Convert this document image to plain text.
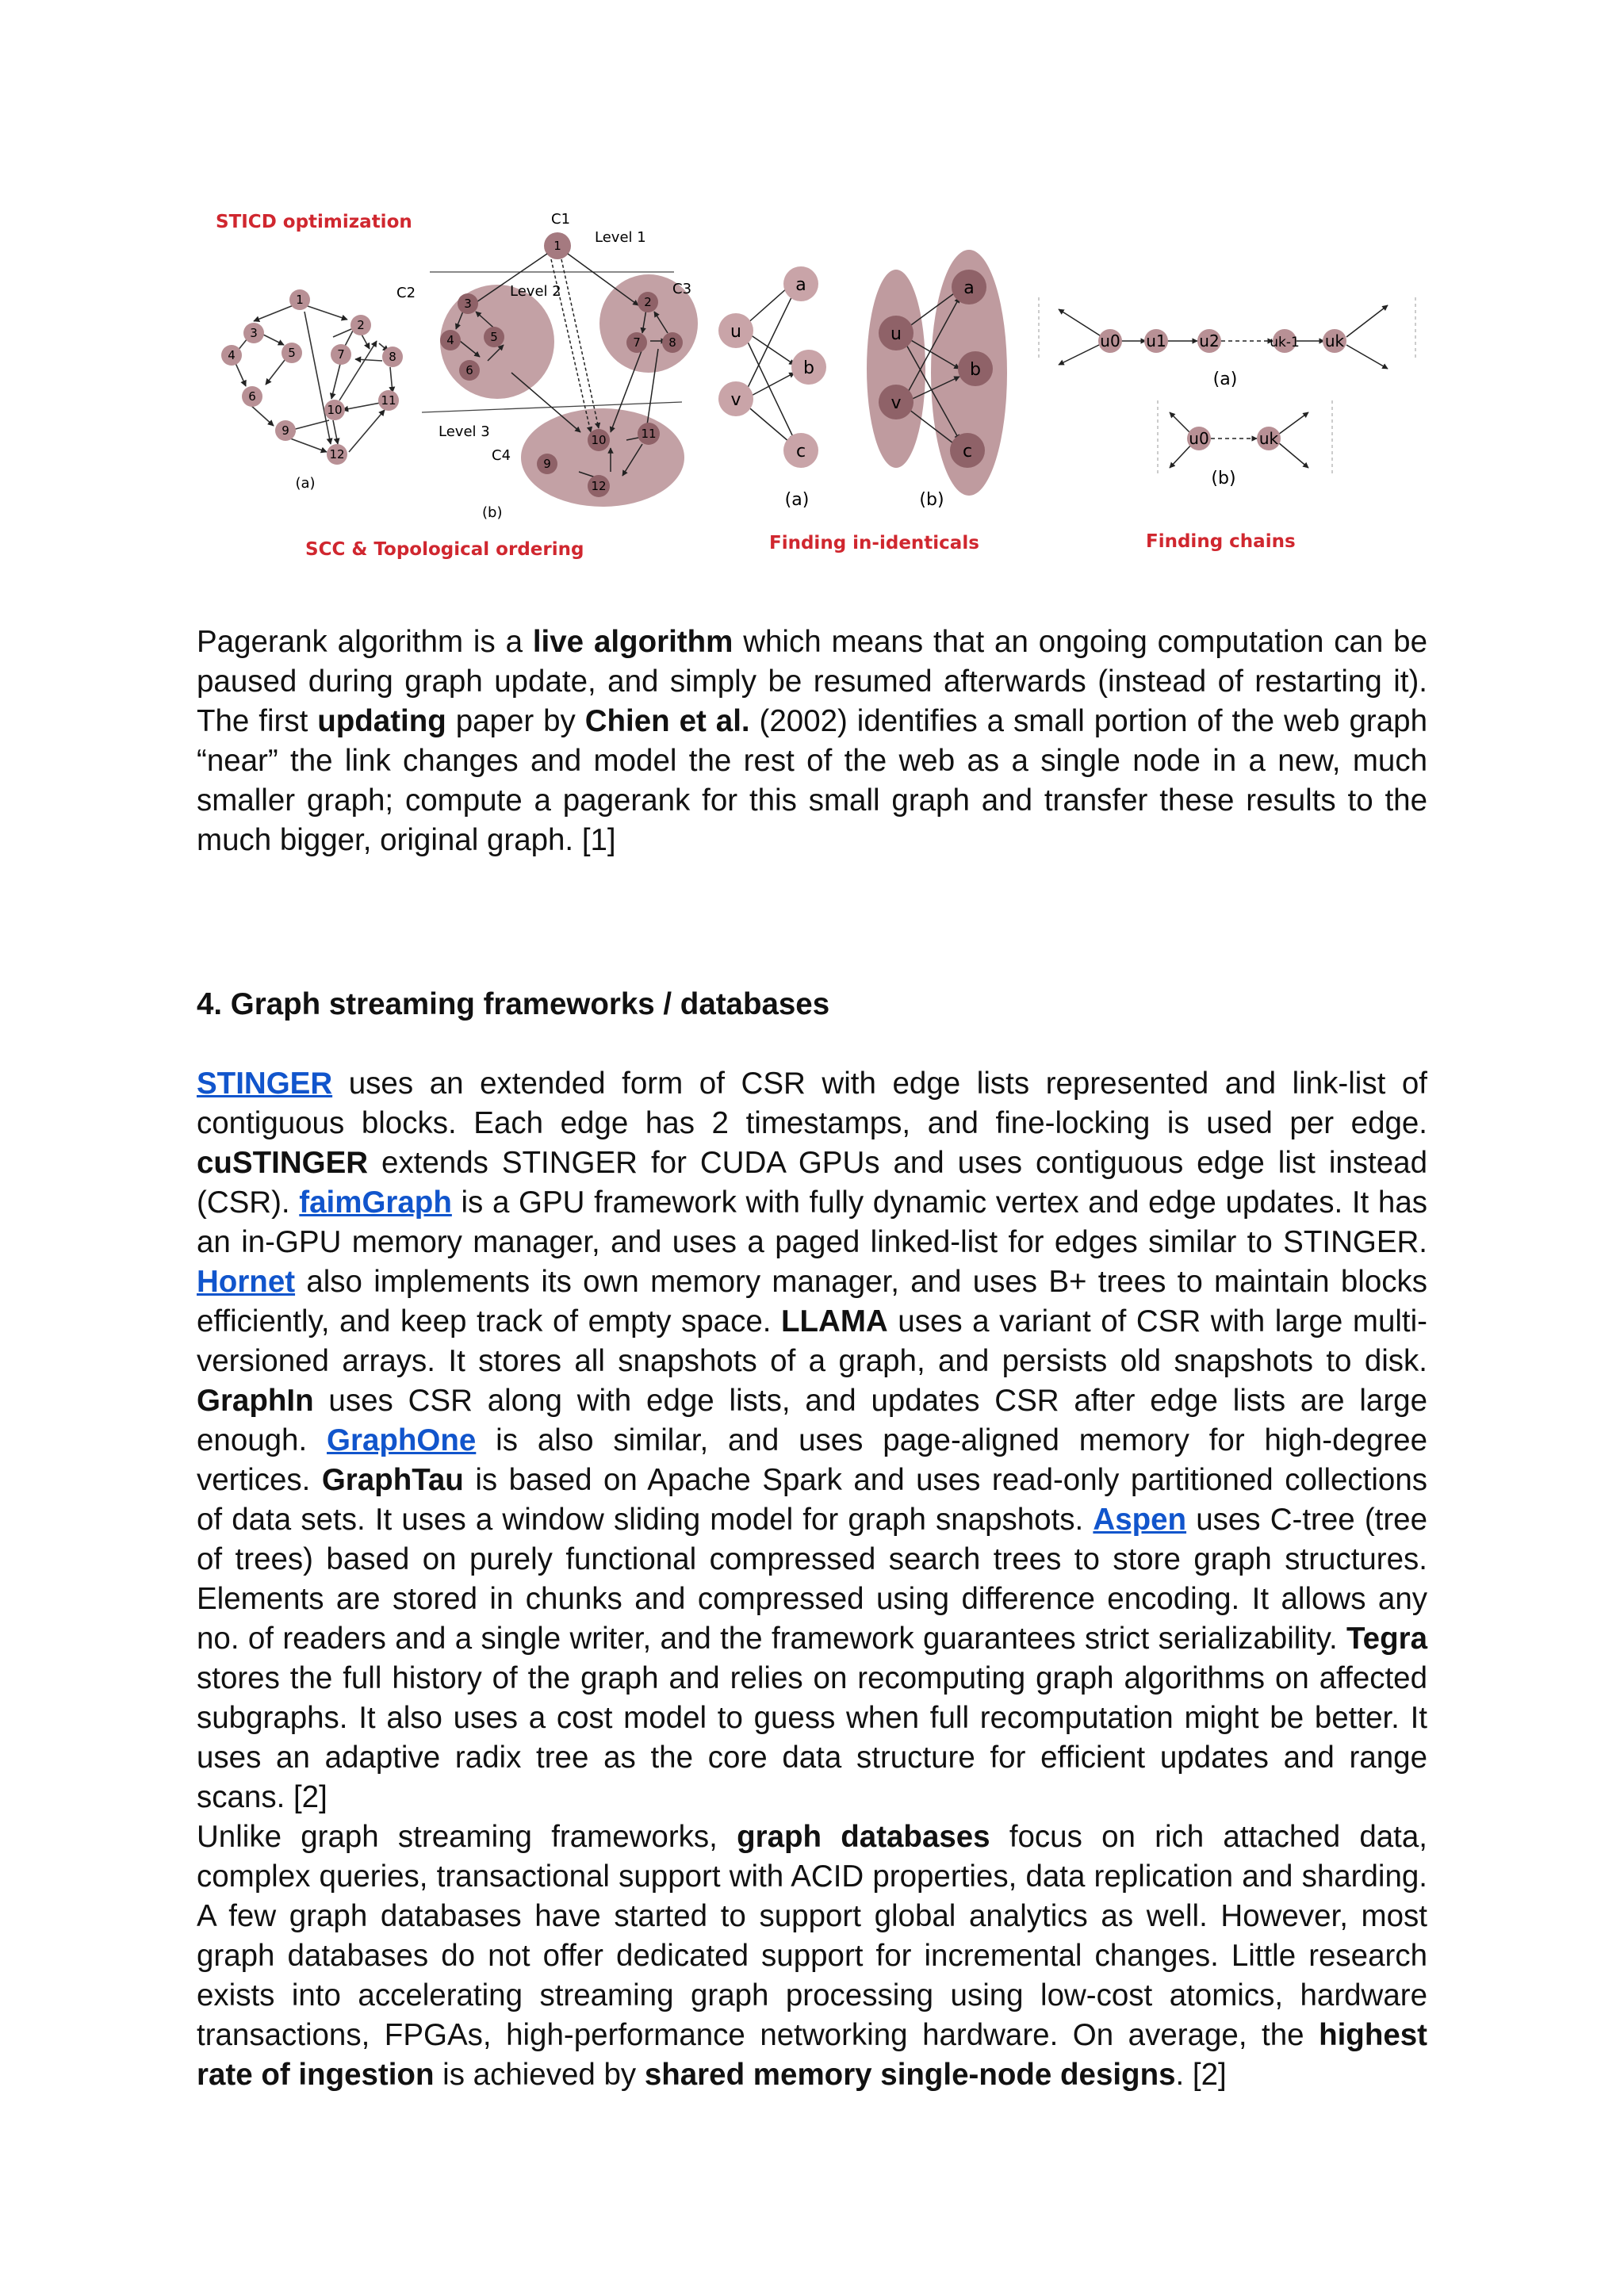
STICD optimization
SCC & Topological ordering	Finding in-identicals	Finding chains
1
3
2
4	5	7	8
6
10
11
9
12
(a)
1
3
4	5
6
2
7 8
10	11
9
12
C1
Level 1
C2	Level 2	C3
Level 3
C4
(b)
u
v
a
b
c
(a)
u
v
a
b
c
(b)
u0 u1 u2	uk-1 uk
(a)
u0	uk
(b)

Pagerank algorithm is a live algorithm which means that an ongoing computation can be paused during graph update, and simply be resumed afterwards (instead of restarting it). The first updating paper by Chien et al. (2002) identifies a small portion of the web graph “near” the link changes and model the rest of the web as a single node in a new, much smaller graph; compute a pagerank for this small graph and transfer these results to the much bigger, original graph. [1]

4. Graph streaming frameworks / databases

STINGER uses an extended form of CSR with edge lists represented and link-list of contiguous blocks. Each edge has 2 timestamps, and fine-locking is used per edge. cuSTINGER extends STINGER for CUDA GPUs and uses contiguous edge list instead (CSR). faimGraph is a GPU framework with fully dynamic vertex and edge updates. It has an in-GPU memory manager, and uses a paged linked-list for edges similar to STINGER. Hornet also implements its own memory manager, and uses B+ trees to maintain blocks efficiently, and keep track of empty space. LLAMA uses a variant of CSR with large multi-versioned arrays. It stores all snapshots of a graph, and persists old snapshots to disk. GraphIn uses CSR along with edge lists, and updates CSR after edge lists are large enough. GraphOne is also similar, and uses page-aligned memory for high-degree vertices. GraphTau is based on Apache Spark and uses read-only partitioned collections of data sets. It uses a window sliding model for graph snapshots. Aspen uses C-tree (tree of trees) based on purely functional compressed search trees to store graph structures. Elements are stored in chunks and compressed using difference encoding. It allows any no. of readers and a single writer, and the framework guarantees strict serializability. Tegra stores the full history of the graph and relies on recomputing graph algorithms on affected subgraphs. It also uses a cost model to guess when full recomputation might be better. It uses an adaptive radix tree as the core data structure for efficient updates and range scans. [2]

Unlike graph streaming frameworks, graph databases focus on rich attached data, complex queries, transactional support with ACID properties, data replication and sharding. A few graph databases have started to support global analytics as well. However, most graph databases do not offer dedicated support for incremental changes. Little research exists into accelerating streaming graph processing using low-cost atomics, hardware transactions, FPGAs, high-performance networking hardware. On average, the highest rate of ingestion is achieved by shared memory single-node designs. [2]
